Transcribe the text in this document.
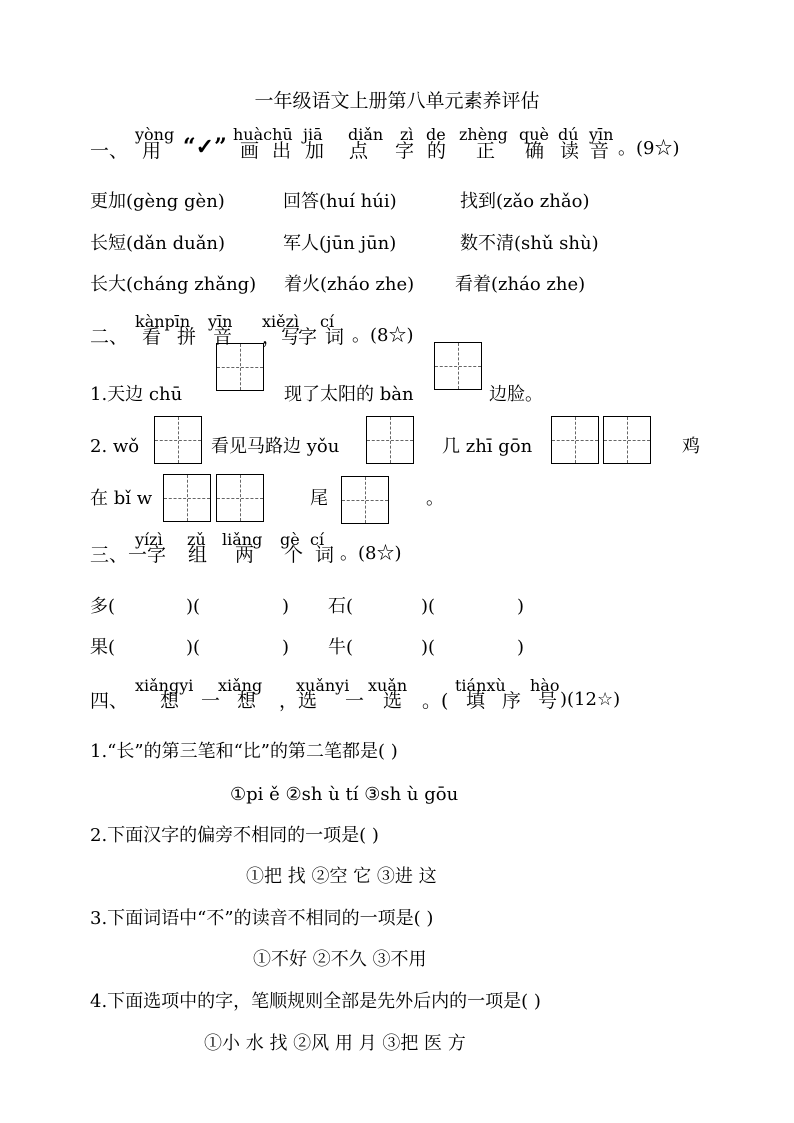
一年级语文上册第八单元素养评估
yòng	huàchū jiā diǎn zì de zhèng què dú yīn
一、 用 “✓” 画 出 加 点 字 的 正 确 读 音 。(9☆)
更加(gèng gèn)	回答(huí húi)	找到(zǎo zhǎo)
长短(dǎn duǎn)	军人(jūn jūn)	数不清(shǔ shù)
长大(cháng zhǎng) 着火(zháo zhe) 看着(zháo zhe)
kànpīn yīn xiězì cí
二、 看 拼 音 ，写
字 词 。(8☆)
1.天边 chū	现了太阳的 bàn	边脸。
2. wǒ	看见马路边 yǒu	几 zhī gōn	鸡
在 bǐ w	尾	。
yízì zǔ liǎng gè cí
三、 一字 组 两 个 词 。(8☆)
多(	)(	) 石(	)(	)
果(	)(	) 牛(	)(	)
xiǎngyi xiǎng xuǎnyi xuǎn	tiánxù hào
四、 想 一 想 ，选 一 选 。( 填 序 号 )(12☆)
1.“长”的第三笔和“比”的第二笔都是( )
①pi ě ②sh ù tí ③sh ù gōu
2.下面汉字的偏旁不相同的一项是( )
①把 找 ②空 它 ③进 这
3.下面词语中“不”的读音不相同的一项是( )
①不好 ②不久 ③不用
4.下面选项中的字，笔顺规则全部是先外后内的一项是( )
①小 水 找 ②风 用 月 ③把 医 方
